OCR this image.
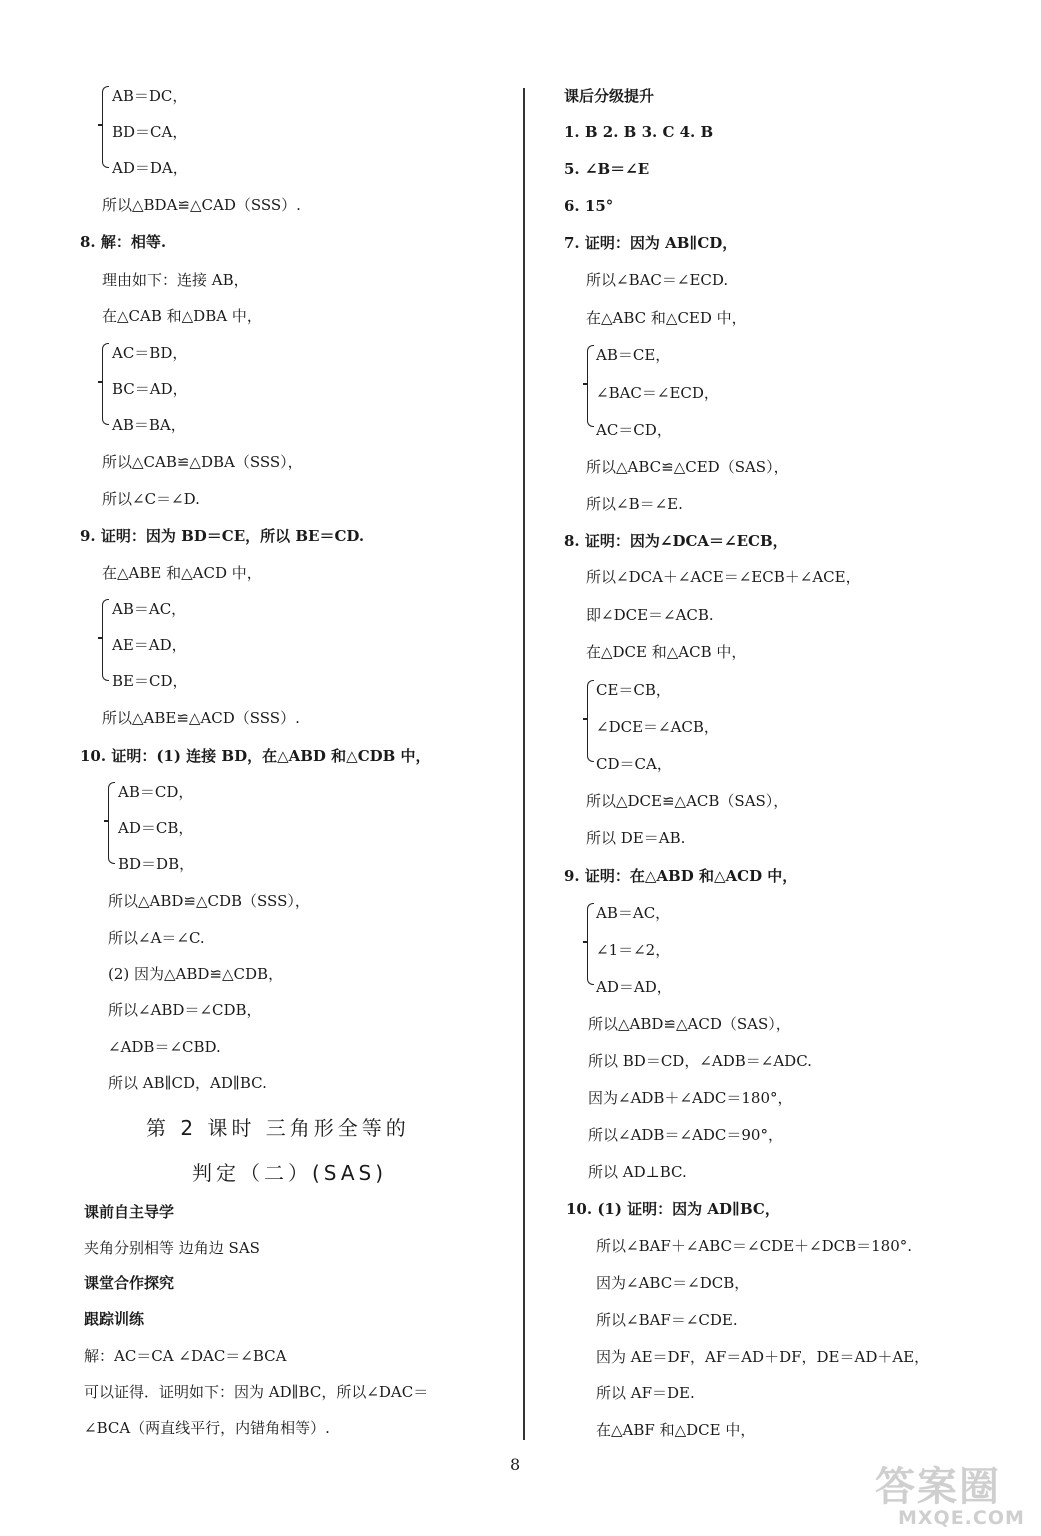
AB＝DC，
BD＝CA，
AD＝DA，
所以△BDA≌△CAD（SSS）.
8. 解：相等.
理由如下：连接 AB，
在△CAB 和△DBA 中，
AC＝BD，
BC＝AD，
AB＝BA，
所以△CAB≌△DBA（SSS），
所以∠C＝∠D.
9. 证明：因为 BD＝CE，所以 BE＝CD.
在△ABE 和△ACD 中，
AB＝AC，
AE＝AD，
BE＝CD，
所以△ABE≌△ACD（SSS）.
10. 证明：(1) 连接 BD，在△ABD 和△CDB 中，
AB＝CD，
AD＝CB，
BD＝DB，
所以△ABD≌△CDB（SSS），
所以∠A＝∠C.
(2) 因为△ABD≌△CDB，
所以∠ABD＝∠CDB，
∠ADB＝∠CBD.
所以 AB∥CD，AD∥BC.
第 2 课时 三角形全等的
判定（二）(SAS)
课前自主导学
夹角分别相等 边角边 SAS
课堂合作探究
跟踪训练
解：AC＝CA ∠DAC＝∠BCA
可以证得．证明如下：因为 AD∥BC，所以∠DAC＝
∠BCA（两直线平行，内错角相等）.
课后分级提升
1. B 2. B 3. C 4. B
5. ∠B＝∠E
6. 15°
7. 证明：因为 AB∥CD，
所以∠BAC＝∠ECD.
在△ABC 和△CED 中，
AB＝CE，
∠BAC＝∠ECD，
AC＝CD，
所以△ABC≌△CED（SAS），
所以∠B＝∠E.
8. 证明：因为∠DCA＝∠ECB，
所以∠DCA＋∠ACE＝∠ECB＋∠ACE，
即∠DCE＝∠ACB.
在△DCE 和△ACB 中，
CE＝CB，
∠DCE＝∠ACB，
CD＝CA，
所以△DCE≌△ACB（SAS），
所以 DE＝AB.
9. 证明：在△ABD 和△ACD 中，
AB＝AC，
∠1＝∠2，
AD＝AD，
所以△ABD≌△ACD（SAS），
所以 BD＝CD，∠ADB＝∠ADC.
因为∠ADB＋∠ADC＝180°，
所以∠ADB＝∠ADC＝90°，
所以 AD⊥BC.
10. (1) 证明：因为 AD∥BC，
所以∠BAF＋∠ABC＝∠CDE＋∠DCB＝180°.
因为∠ABC＝∠DCB，
所以∠BAF＝∠CDE.
因为 AE＝DF，AF＝AD＋DF，DE＝AD＋AE，
所以 AF＝DE.
在△ABF 和△DCE 中，
8	答案圈
MXQE.COM
